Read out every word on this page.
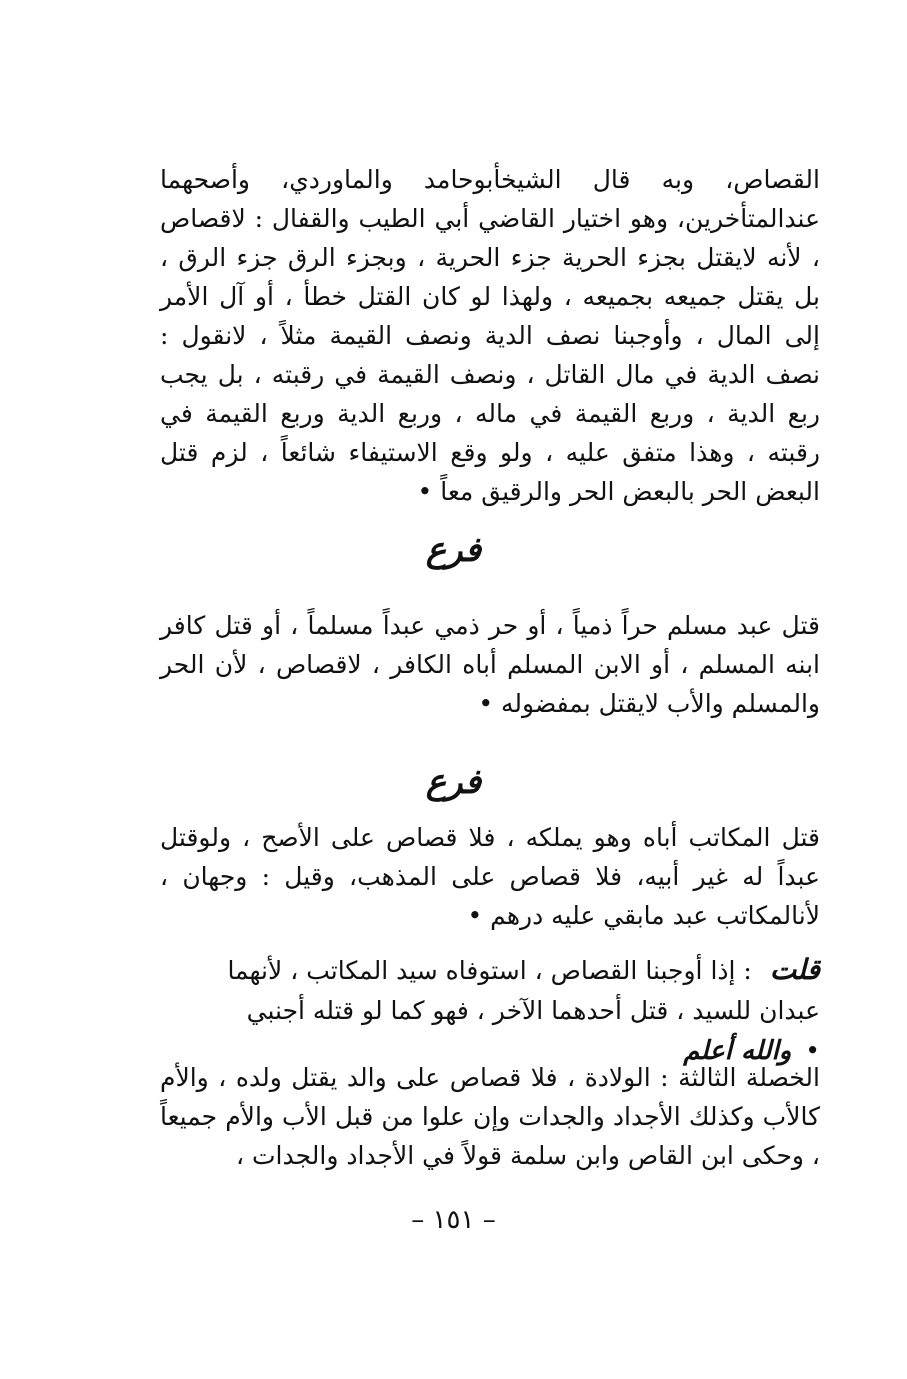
القصاص، وبه قال الشيخأبوحامد والماوردي، وأصحهما عندالمتأخرين، وهو اختيار القاضي أبي الطيب والقفال : لاقصاص ، لأنه لايقتل بجزء الحرية جزء الحرية ، وبجزء الرق جزء الرق ، بل يقتل جميعه بجميعه ، ولهذا لو كان القتل خطأ ، أو آل الأمر إلى المال ، وأوجبنا نصف الدية ونصف القيمة مثلاً ، لانقول : نصف الدية في مال القاتل ، ونصف القيمة في رقبته ، بل يجب ربع الدية ، وربع القيمة في ماله ، وربع الدية وربع القيمة في رقبته ، وهذا متفق عليه ، ولو وقع الاستيفاء شائعاً ، لزم قتل البعض الحر بالبعض الحر والرقيق معاً •

فرع

قتل عبد مسلم حراً ذمياً ، أو حر ذمي عبداً مسلماً ، أو قتل كافر ابنه المسلم ، أو الابن المسلم أباه الكافر ، لاقصاص ، لأن الحر والمسلم والأب لايقتل بمفضوله •

فرع

قتل المكاتب أباه وهو يملكه ، فلا قصاص على الأصح ، ولوقتل عبداً له غير أبيه، فلا قصاص على المذهب، وقيل : وجهان ، لأنالمكاتب عبد مابقي عليه درهم •

قلت: إذا أوجبنا القصاص ، استوفاه سيد المكاتب ، لأنهما عبدان للسيد ، قتل أحدهما الآخر ، فهو كما لو قتله أجنبي •والله أعلم

الخصلة الثالثة : الولادة ، فلا قصاص على والد يقتل ولده ، والأم كالأب وكذلك الأجداد والجدات وإن علوا من قبل الأب والأم جميعاً ، وحكى ابن القاص وابن سلمة قولاً في الأجداد والجدات ،

– ١٥١ –
